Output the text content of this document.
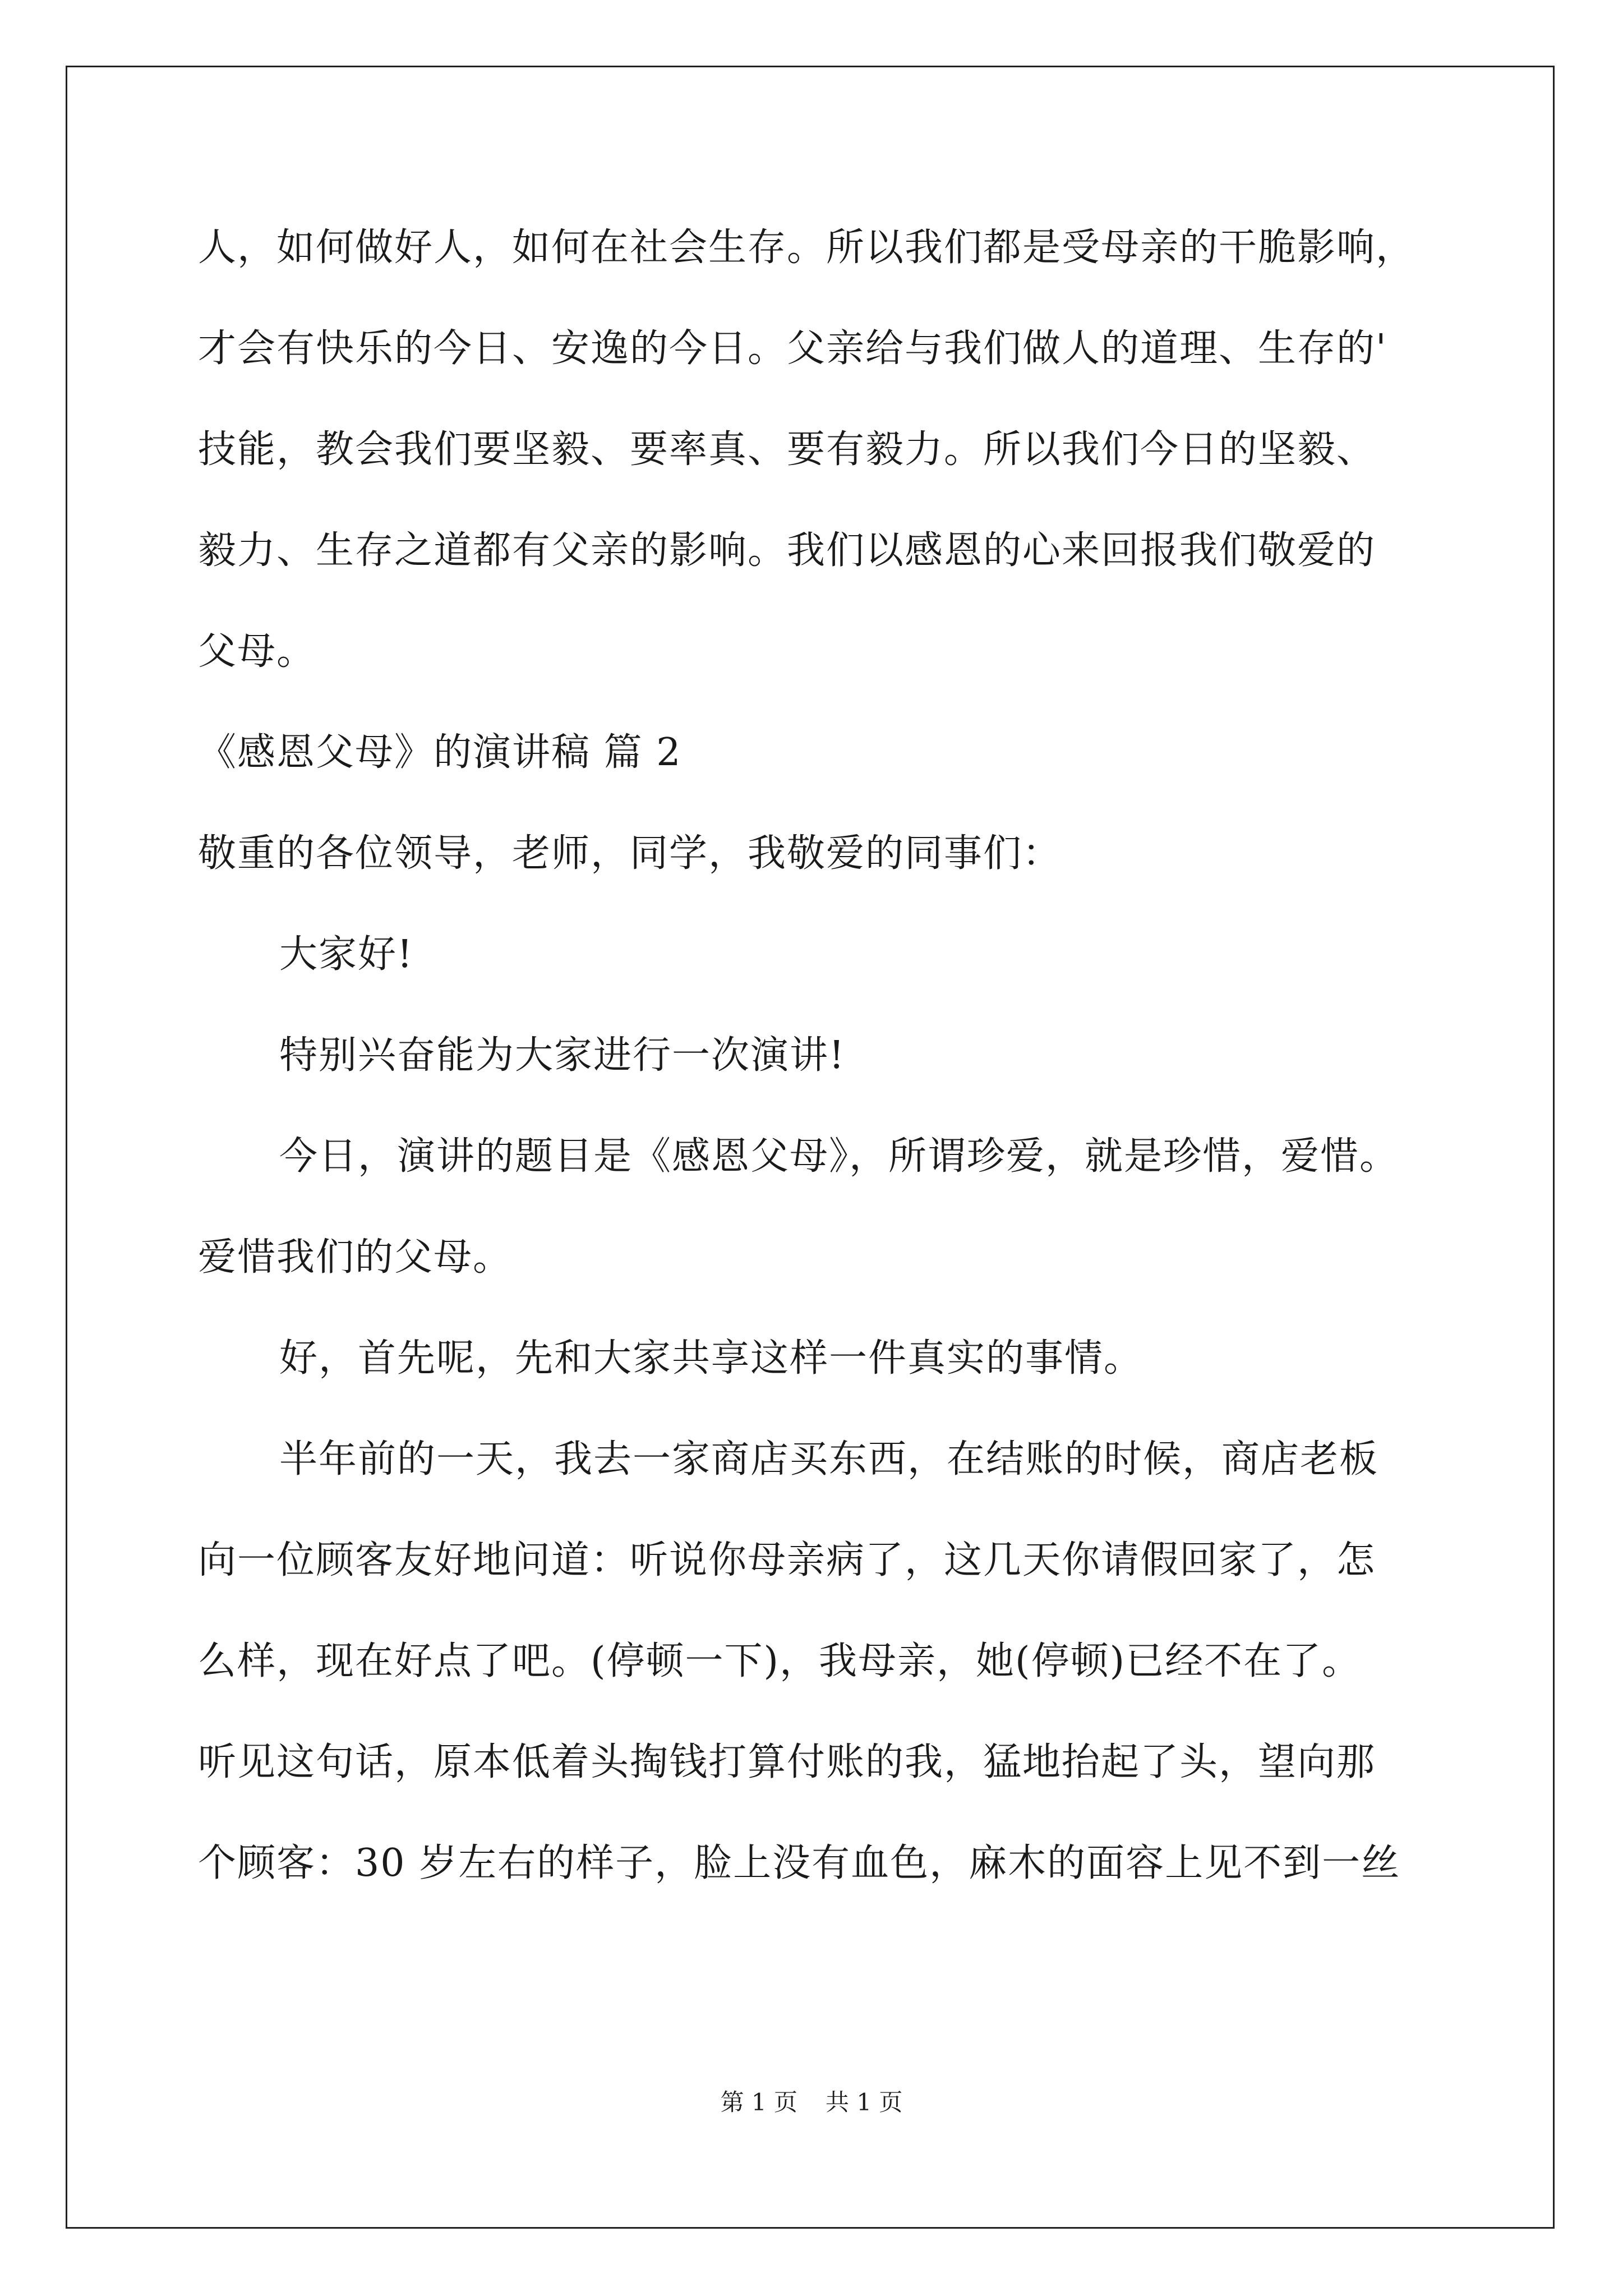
人，如何做好人，如何在社会生存。所以我们都是受母亲的干脆影响，
才会有快乐的今日、安逸的今日。父亲给与我们做人的道理、生存的'
技能，教会我们要坚毅、要率真、要有毅力。所以我们今日的坚毅、
毅力、生存之道都有父亲的影响。我们以感恩的心来回报我们敬爱的
父母。
《感恩父母》的演讲稿 篇 2
敬重的各位领导，老师，同学，我敬爱的同事们：
大家好!
特别兴奋能为大家进行一次演讲!
今日，演讲的题目是《感恩父母》，所谓珍爱，就是珍惜，爱惜。
爱惜我们的父母。
好，首先呢，先和大家共享这样一件真实的事情。
半年前的一天，我去一家商店买东西，在结账的时候，商店老板
向一位顾客友好地问道：听说你母亲病了，这几天你请假回家了，怎
么样，现在好点了吧。(停顿一下)，我母亲，她(停顿)已经不在了。
听见这句话，原本低着头掏钱打算付账的我，猛地抬起了头，望向那
个顾客：30 岁左右的样子，脸上没有血色，麻木的面容上见不到一丝
第 1 页 共 1 页
